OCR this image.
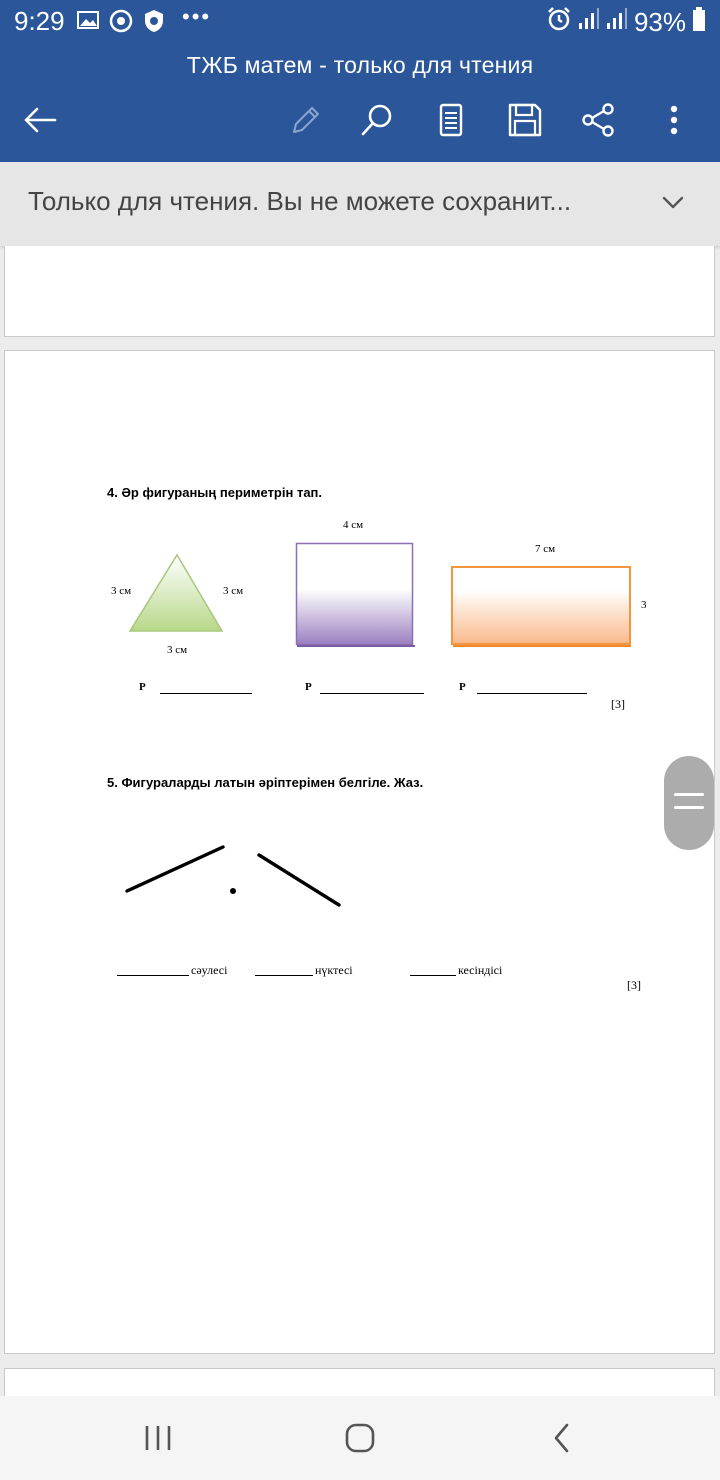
9:29	•••	93%
ТЖБ матем - только для чтения
Только для чтения. Вы не можете сохранит...
4. Әр фигураның периметрін тап.
3 см	3 см
3 см
4 см
7 см
3
P	P	P
[3]
5. Фигураларды латын әріптерімен белгіле. Жаз.
сәулесі	нүктесі	кесіндісі
[3]
